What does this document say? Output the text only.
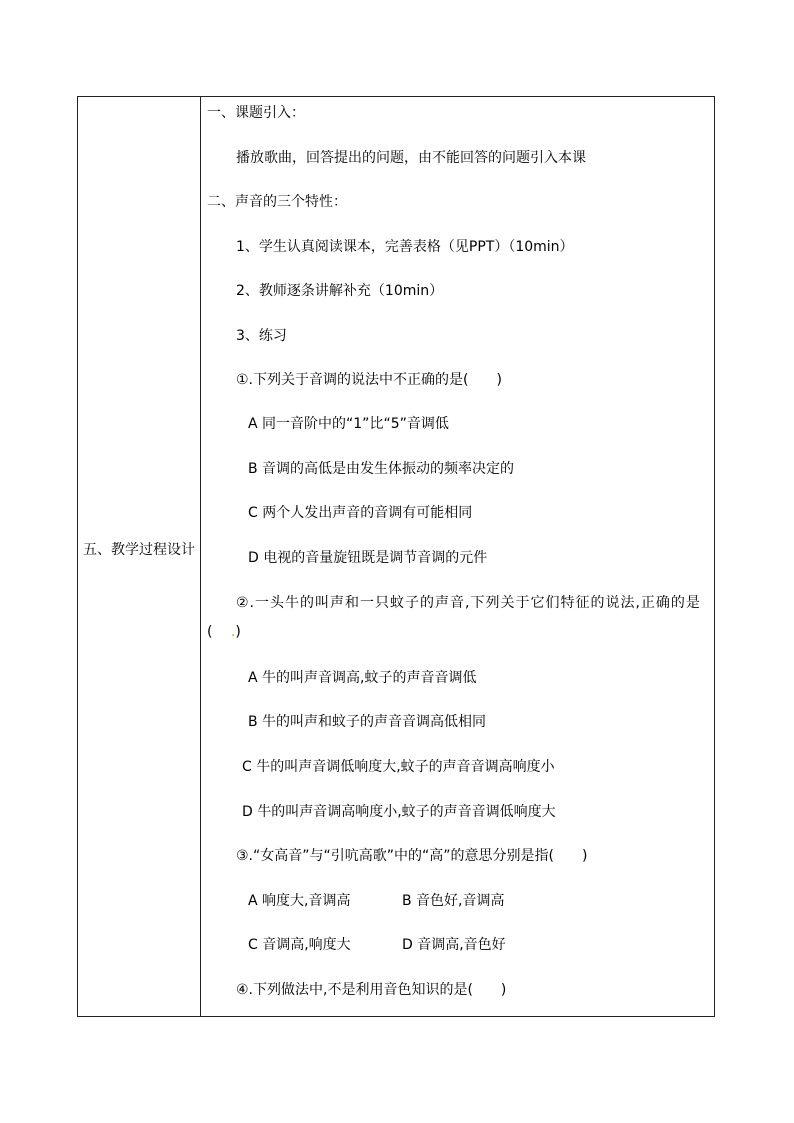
五、教学过程设计
一、课题引入：
播放歌曲，回答提出的问题，由不能回答的问题引入本课
二、声音的三个特性：
1、学生认真阅读课本，完善表格（见PPT）（10min）
2、教师逐条讲解补充（10min）
3、练习
①.下列关于音调的说法中不正确的是(　　)
A 同一音阶中的“1”比“5”音调低
B 音调的高低是由发生体振动的频率决定的
C 两个人发出声音的音调有可能相同
D 电视的音量旋钮既是调节音调的元件
②.一头牛的叫声和一只蚊子的声音,下列关于它们特征的说法,正确的是
(　 .)
A 牛的叫声音调高,蚊子的声音音调低
B 牛的叫声和蚊子的声音音调高低相同
C 牛的叫声音调低响度大,蚊子的声音音调高响度小
D 牛的叫声音调高响度小,蚊子的声音音调低响度大
③.“女高音”与“引吭高歌”中的“高”的意思分别是指(　　)
A 响度大,音调高	B 音色好,音调高
C 音调高,响度大	D 音调高,音色好
④.下列做法中,不是利用音色知识的是(　　)
